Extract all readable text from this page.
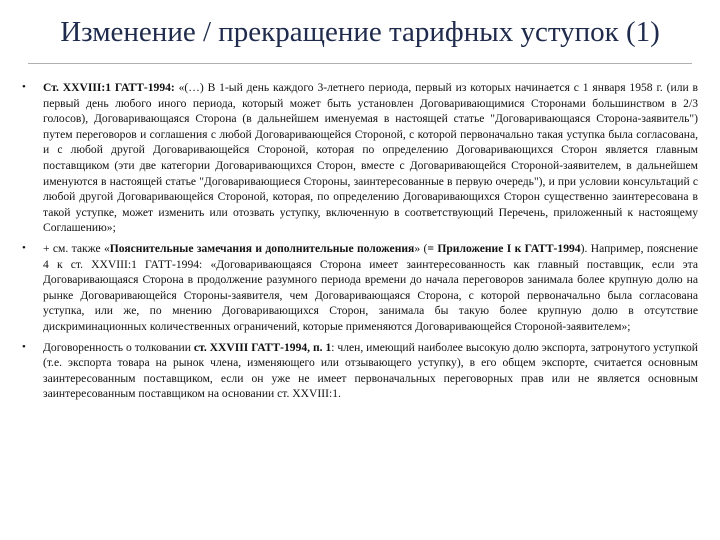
Изменение / прекращение тарифных уступок (1)
• Ст. XXVIII:1 ГАТТ-1994: «(…) В 1-ый день каждого 3-летнего периода, первый из которых начинается с 1 января 1958 г. (или в первый день любого иного периода, который может быть установлен Договаривающимися Сторонами большинством в 2/3 голосов), Договаривающаяся Сторона (в дальнейшем именуемая в настоящей статье "Договаривающаяся Сторона-заявитель") путем переговоров и соглашения с любой Договаривающейся Стороной, с которой первоначально такая уступка была согласована, и с любой другой Договаривающейся Стороной, которая по определению Договаривающихся Сторон является главным поставщиком (эти две категории Договаривающихся Сторон, вместе с Договаривающейся Стороной-заявителем, в дальнейшем именуются в настоящей статье "Договаривающиеся Стороны, заинтересованные в первую очередь"), и при условии консультаций с любой другой Договаривающейся Стороной, которая, по определению Договаривающихся Сторон существенно заинтересована в такой уступке, может изменить или отозвать уступку, включенную в соответствующий Перечень, приложенный к настоящему Соглашению»;
• + см. также «Пояснительные замечания и дополнительные положения» (= Приложение I к ГАТТ-1994). Например, пояснение 4 к ст. XXVIII:1 ГАТТ-1994: «Договаривающаяся Сторона имеет заинтересованность как главный поставщик, если эта Договаривающаяся Сторона в продолжение разумного периода времени до начала переговоров занимала более крупную долю на рынке Договаривающейся Стороны-заявителя, чем Договаривающаяся Сторона, с которой первоначально была согласована уступка, или же, по мнению Договаривающихся Сторон, занимала бы такую более крупную долю в отсутствие дискриминационных количественных ограничений, которые применяются Договаривающейся Стороной-заявителем»;
• Договоренность о толковании ст. XXVIII ГАТТ-1994, п. 1: член, имеющий наиболее высокую долю экспорта, затронутого уступкой (т.е. экспорта товара на рынок члена, изменяющего или отзывающего уступку), в его общем экспорте, считается основным заинтересованным поставщиком, если он уже не имеет первоначальных переговорных прав или не является основным заинтересованным поставщиком на основании ст. XXVIII:1.
